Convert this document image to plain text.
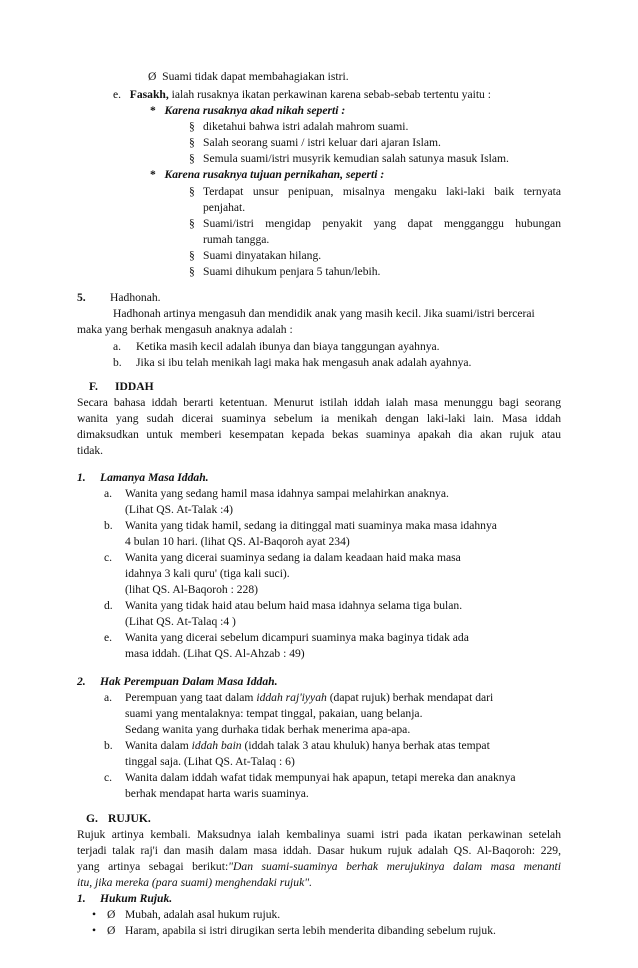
Ø Suami tidak dapat membahagiakan istri.
e. Fasakh, ialah rusaknya ikatan perkawinan karena sebab-sebab tertentu yaitu :
* Karena rusaknya akad nikah seperti :
§ diketahui bahwa istri adalah mahrom suami.
§ Salah seorang suami / istri keluar dari ajaran Islam.
§ Semula suami/istri musyrik kemudian salah satunya masuk Islam.
* Karena rusaknya tujuan pernikahan, seperti :
§ Terdapat unsur penipuan, misalnya mengaku laki-laki baik ternyata
penjahat.
§ Suami/istri mengidap penyakit yang dapat mengganggu hubungan
rumah tangga.
§ Suami dinyatakan hilang.
§ Suami dihukum penjara 5 tahun/lebih.
5. Hadhonah.
Hadhonah artinya mengasuh dan mendidik anak yang masih kecil. Jika suami/istri bercerai
maka yang berhak mengasuh anaknya adalah :
a. Ketika masih kecil adalah ibunya dan biaya tanggungan ayahnya.
b. Jika si ibu telah menikah lagi maka hak mengasuh anak adalah ayahnya.
F. IDDAH
Secara bahasa iddah berarti ketentuan. Menurut istilah iddah ialah masa menunggu bagi seorang
wanita yang sudah dicerai suaminya sebelum ia menikah dengan laki-laki lain. Masa iddah
dimaksudkan untuk memberi kesempatan kepada bekas suaminya apakah dia akan rujuk atau
tidak.
1. Lamanya Masa Iddah.
a. Wanita yang sedang hamil masa idahnya sampai melahirkan anaknya.
(Lihat QS. At-Talak :4)
b. Wanita yang tidak hamil, sedang ia ditinggal mati suaminya maka masa idahnya
4 bulan 10 hari. (lihat QS. Al-Baqoroh ayat 234)
c. Wanita yang dicerai suaminya sedang ia dalam keadaan haid maka masa
idahnya 3 kali quru' (tiga kali suci).
(lihat QS. Al-Baqoroh : 228)
d. Wanita yang tidak haid atau belum haid masa idahnya selama tiga bulan.
(Lihat QS. At-Talaq :4 )
e. Wanita yang dicerai sebelum dicampuri suaminya maka baginya tidak ada
masa iddah. (Lihat QS. Al-Ahzab : 49)
2. Hak Perempuan Dalam Masa Iddah.
a. Perempuan yang taat dalam iddah raj'iyyah (dapat rujuk) berhak mendapat dari
suami yang mentalaknya: tempat tinggal, pakaian, uang belanja.
Sedang wanita yang durhaka tidak berhak menerima apa-apa.
b. Wanita dalam iddah bain (iddah talak 3 atau khuluk) hanya berhak atas tempat
tinggal saja. (Lihat QS. At-Talaq : 6)
c. Wanita dalam iddah wafat tidak mempunyai hak apapun, tetapi mereka dan anaknya
berhak mendapat harta waris suaminya.
G. RUJUK.
Rujuk artinya kembali. Maksudnya ialah kembalinya suami istri pada ikatan perkawinan setelah
terjadi talak raj'i dan masih dalam masa iddah. Dasar hukum rujuk adalah QS. Al-Baqoroh: 229,
yang artinya sebagai berikut:"Dan suami-suaminya berhak merujukinya dalam masa menanti
itu, jika mereka (para suami) menghendaki rujuk".
1. Hukum Rujuk.
• Ø Mubah, adalah asal hukum rujuk.
• Ø Haram, apabila si istri dirugikan serta lebih menderita dibanding sebelum rujuk.
